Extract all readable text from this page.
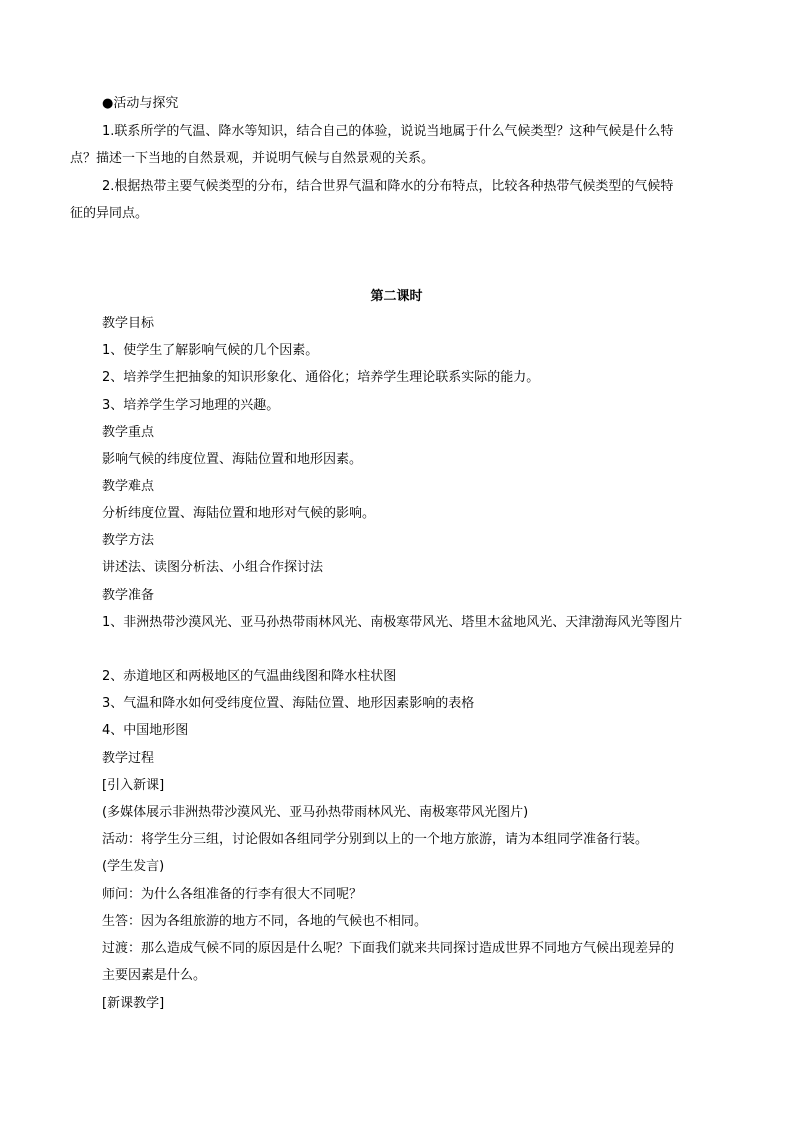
●活动与探究
1.联系所学的气温、降水等知识，结合自己的体验，说说当地属于什么气候类型？这种气候是什么特
点？描述一下当地的自然景观，并说明气候与自然景观的关系。
2.根据热带主要气候类型的分布，结合世界气温和降水的分布特点，比较各种热带气候类型的气候特
征的异同点。
第二课时
教学目标
1、使学生了解影响气候的几个因素。
2、培养学生把抽象的知识形象化、通俗化；培养学生理论联系实际的能力。
3、培养学生学习地理的兴趣。
教学重点
影响气候的纬度位置、海陆位置和地形因素。
教学难点
分析纬度位置、海陆位置和地形对气候的影响。
教学方法
讲述法、读图分析法、小组合作探讨法
教学准备
1、非洲热带沙漠风光、亚马孙热带雨林风光、南极寒带风光、塔里木盆地风光、天津渤海风光等图片
2、赤道地区和两极地区的气温曲线图和降水柱状图
3、气温和降水如何受纬度位置、海陆位置、地形因素影响的表格
4、中国地形图
教学过程
[引入新课]
(多媒体展示非洲热带沙漠风光、亚马孙热带雨林风光、南极寒带风光图片)
活动：将学生分三组，讨论假如各组同学分别到以上的一个地方旅游，请为本组同学准备行装。
(学生发言)
师问：为什么各组准备的行李有很大不同呢？
生答：因为各组旅游的地方不同，各地的气候也不相同。
过渡：那么造成气候不同的原因是什么呢？下面我们就来共同探讨造成世界不同地方气候出现差异的
主要因素是什么。
[新课教学]
